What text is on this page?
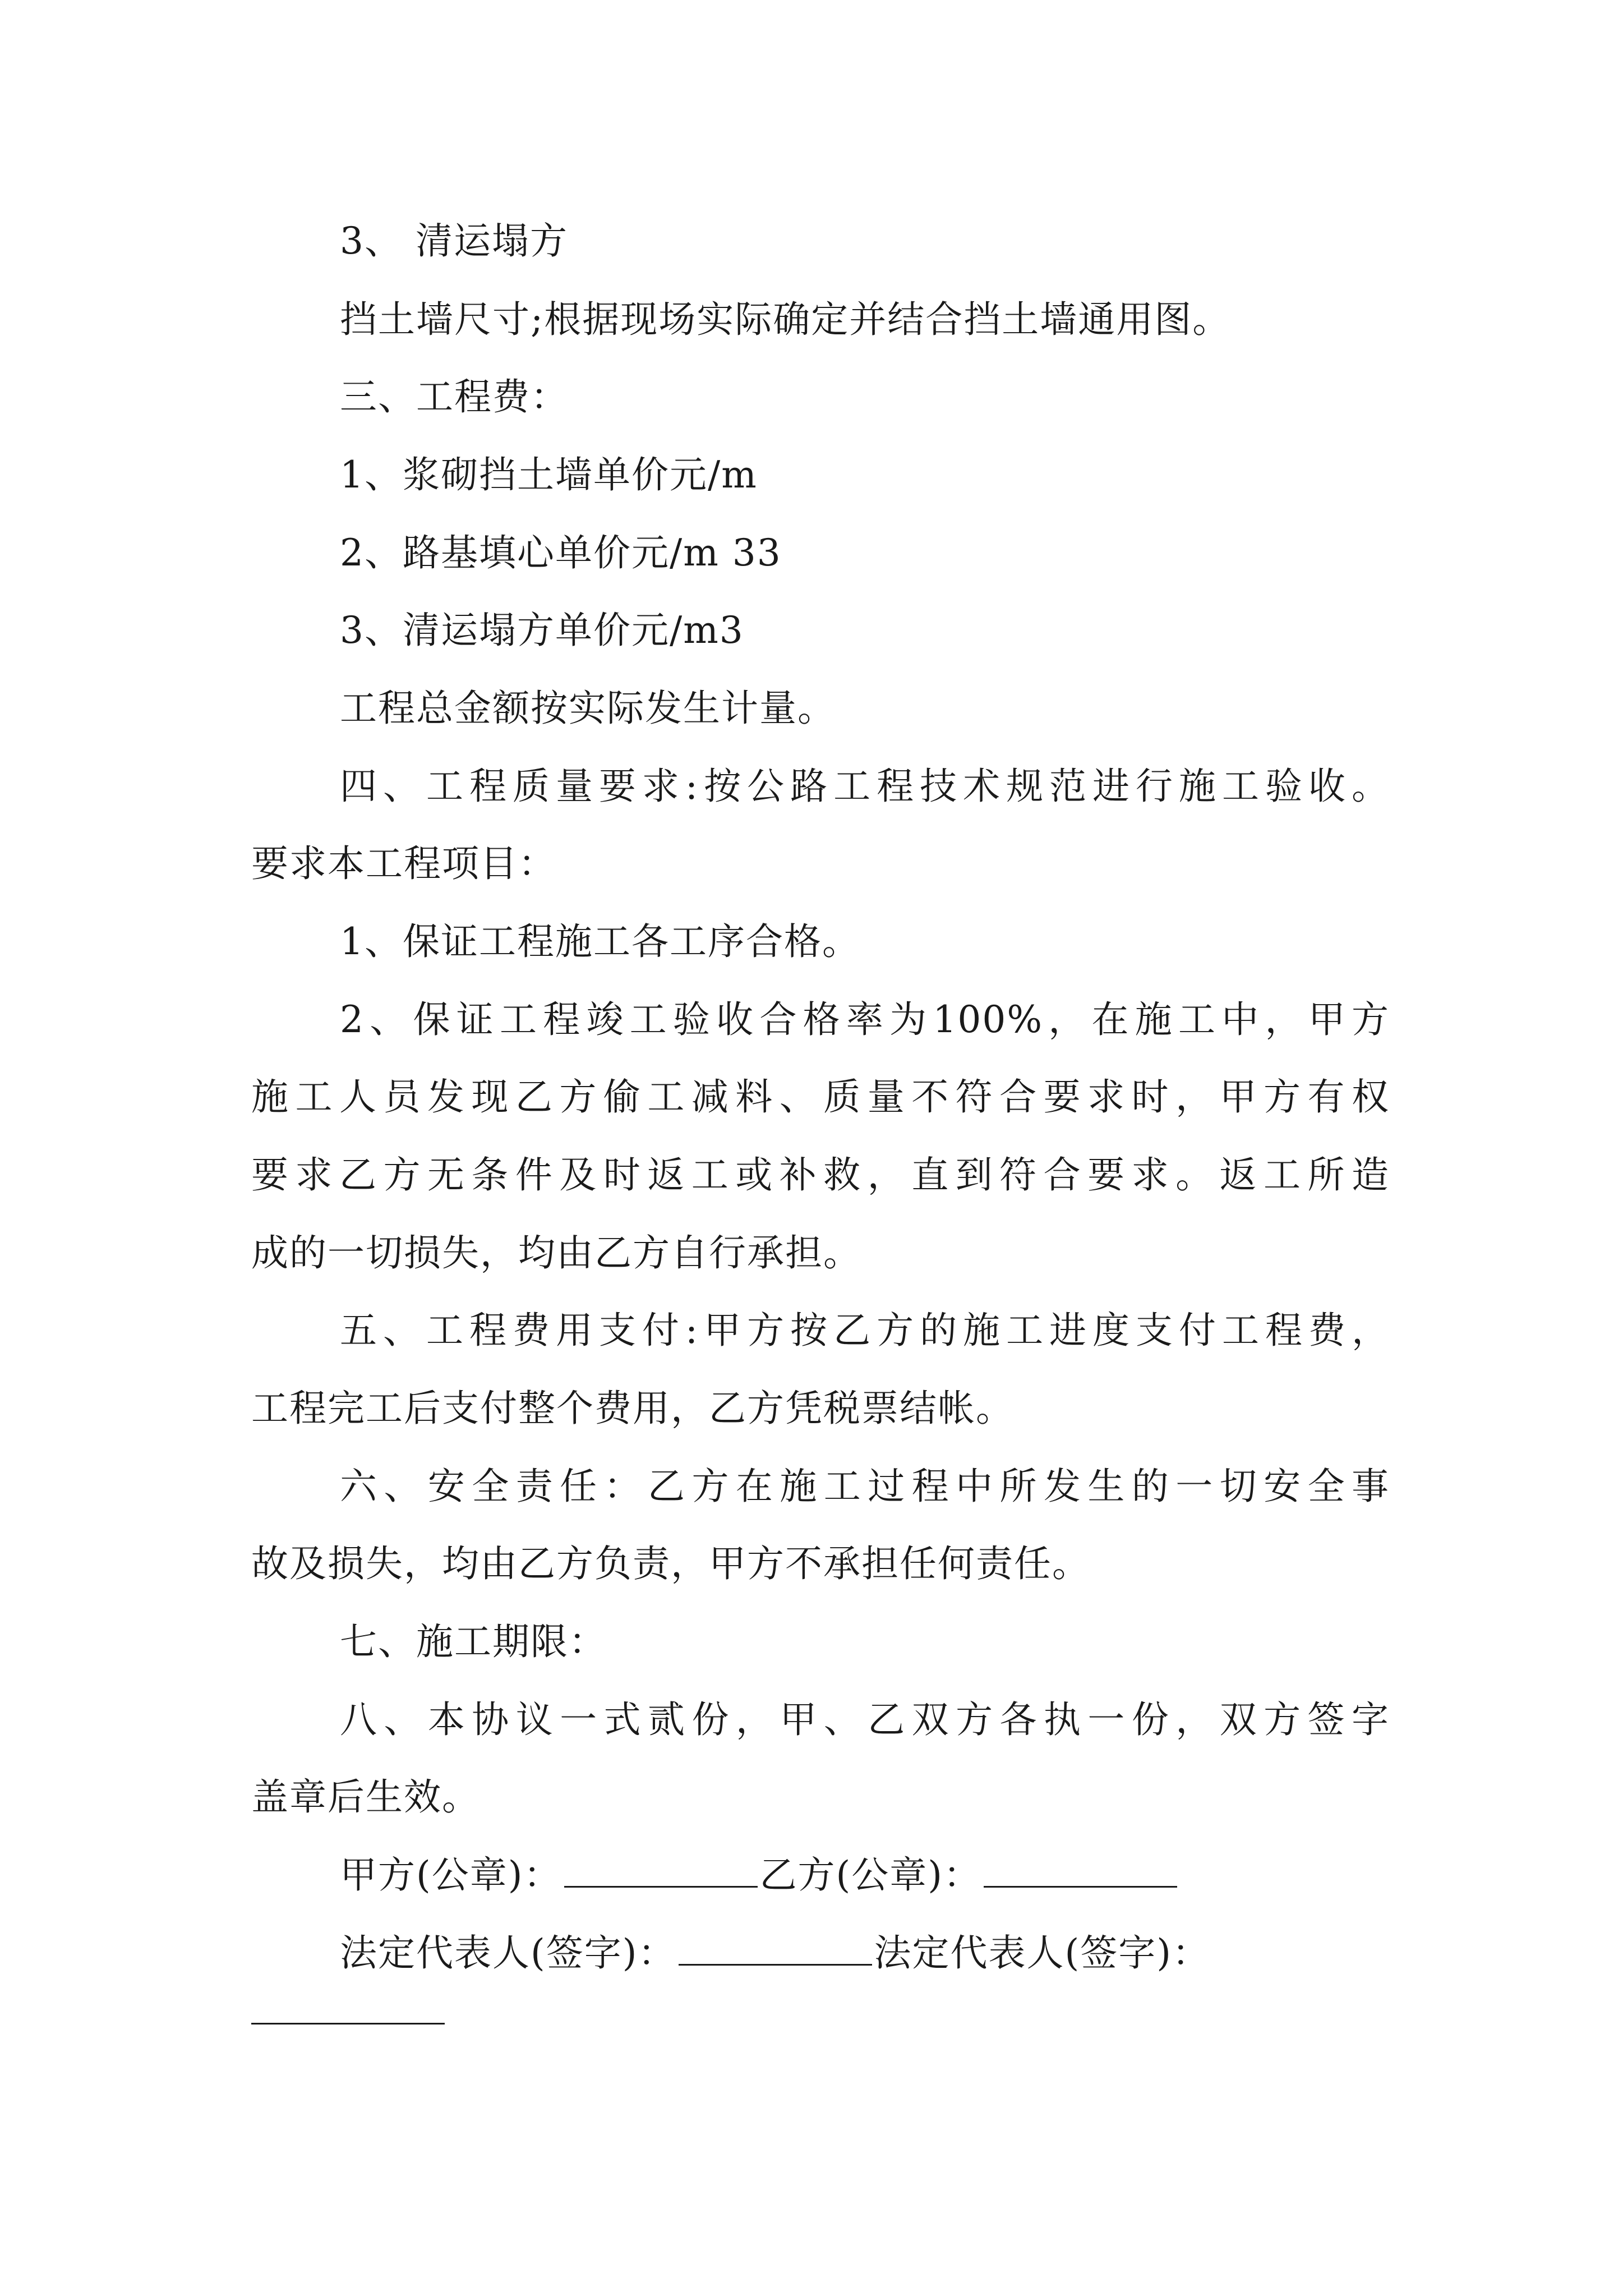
3、 清运塌方

挡土墙尺寸;根据现场实际确定并结合挡土墙通用图。

三、工程费：

1、浆砌挡土墙单价元/m

2、路基填心单价元/m 33

3、清运塌方单价元/m3

工程总金额按实际发生计量。

四、工程质量要求:按公路工程技术规范进行施工验收。

要求本工程项目：

1、保证工程施工各工序合格。

2、保证工程竣工验收合格率为100%，在施工中，甲方

施工人员发现乙方偷工减料、质量不符合要求时，甲方有权

要求乙方无条件及时返工或补救，直到符合要求。返工所造

成的一切损失，均由乙方自行承担。

五、工程费用支付:甲方按乙方的施工进度支付工程费，

工程完工后支付整个费用，乙方凭税票结帐。

六、安全责任：乙方在施工过程中所发生的一切安全事

故及损失，均由乙方负责，甲方不承担任何责任。

七、施工期限：

八、本协议一式贰份，甲、乙双方各执一份，双方签字

盖章后生效。

甲方(公章)：	乙方(公章)：

法定代表人(签字)：	法定代表人(签字)：
